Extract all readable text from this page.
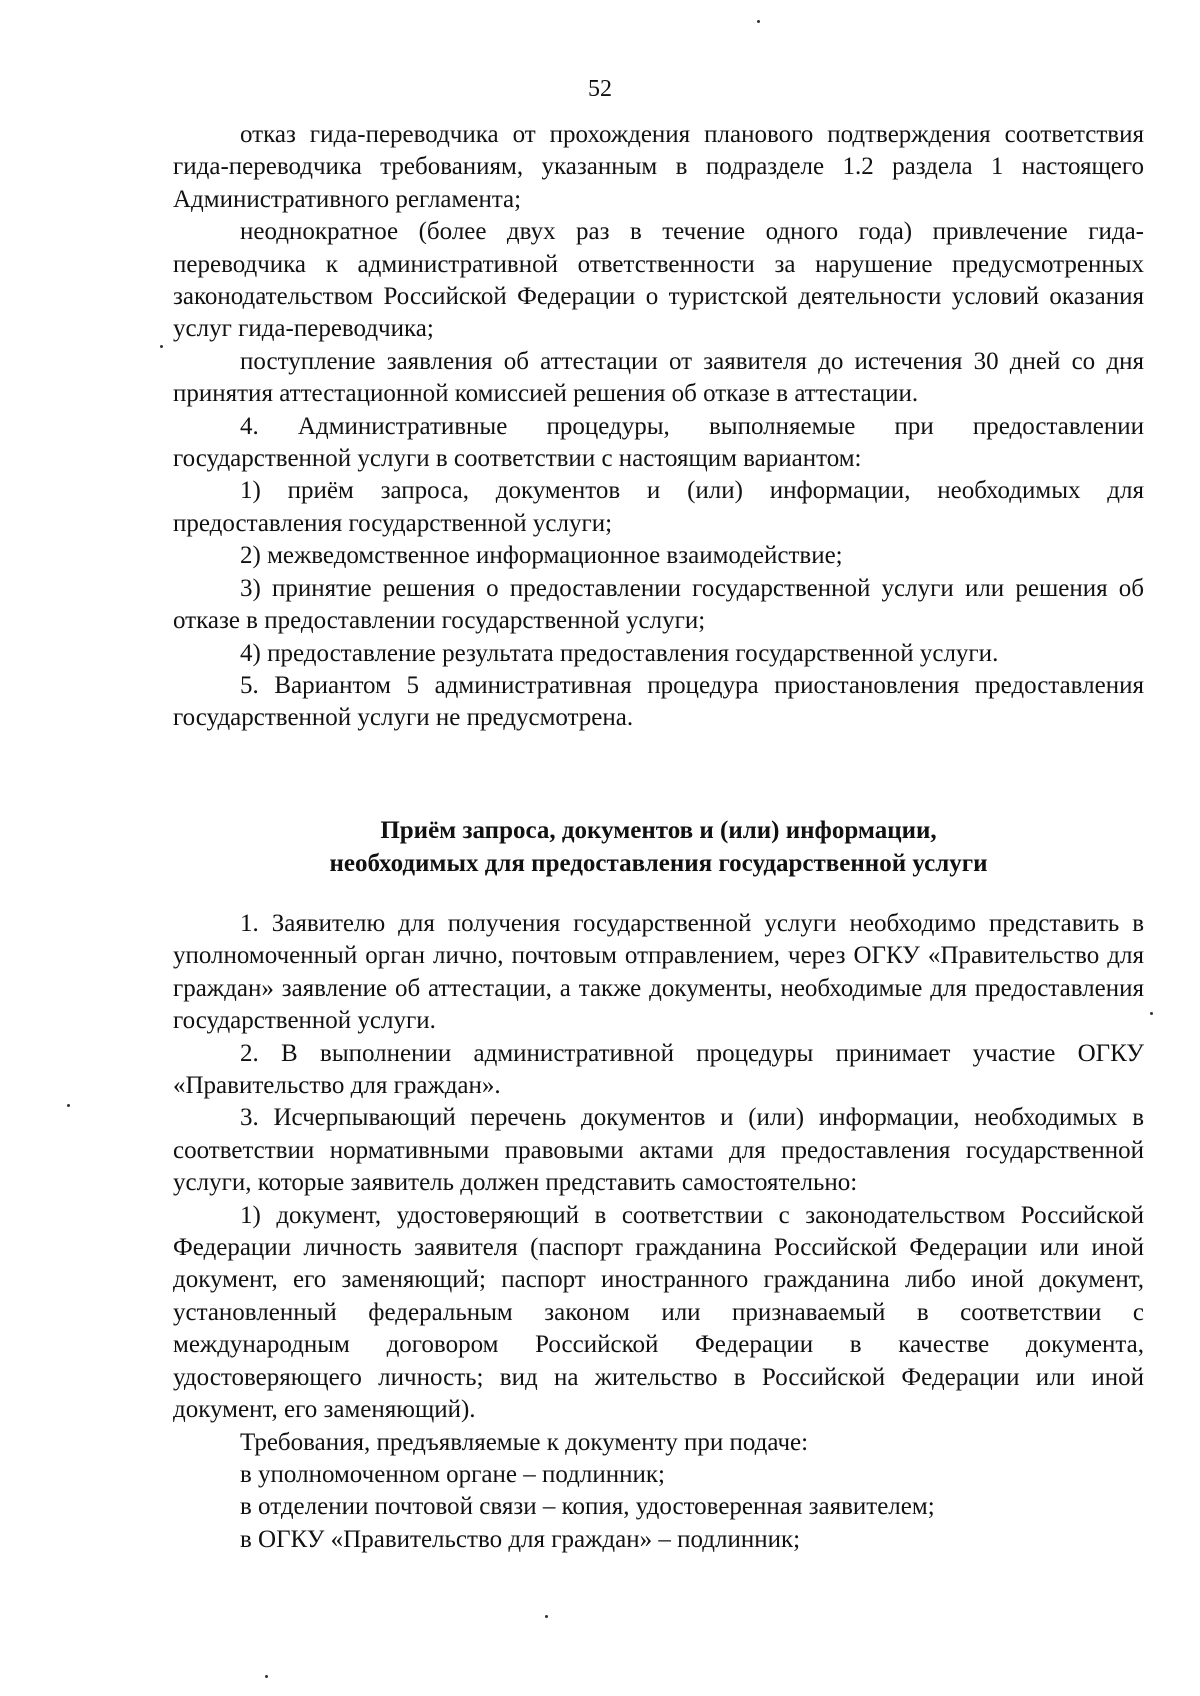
52

отказ гида-переводчика от прохождения планового подтверждения соответствия гида-переводчика требованиям, указанным в подразделе 1.2 раздела 1 настоящего Административного регламента;

неоднократное (более двух раз в течение одного года) привлечение гида-переводчика к административной ответственности за нарушение предусмотренных законодательством Российской Федерации о туристской деятельности условий оказания услуг гида-переводчика;

поступление заявления об аттестации от заявителя до истечения 30 дней со дня принятия аттестационной комиссией решения об отказе в аттестации.

4. Административные процедуры, выполняемые при предоставлении государственной услуги в соответствии с настоящим вариантом:

1) приём запроса, документов и (или) информации, необходимых для предоставления государственной услуги;

2) межведомственное информационное взаимодействие;

3) принятие решения о предоставлении государственной услуги или решения об отказе в предоставлении государственной услуги;

4) предоставление результата предоставления государственной услуги.

5. Вариантом 5 административная процедура приостановления предоставления государственной услуги не предусмотрена.

Приём запроса, документов и (или) информации,
необходимых для предоставления государственной услуги

1. Заявителю для получения государственной услуги необходимо представить в уполномоченный орган лично, почтовым отправлением, через ОГКУ «Правительство для граждан» заявление об аттестации, а также документы, необходимые для предоставления государственной услуги.

2. В выполнении административной процедуры принимает участие ОГКУ «Правительство для граждан».

3. Исчерпывающий перечень документов и (или) информации, необходимых в соответствии нормативными правовыми актами для предоставления государственной услуги, которые заявитель должен представить самостоятельно:

1) документ, удостоверяющий в соответствии с законодательством Российской Федерации личность заявителя (паспорт гражданина Российской Федерации или иной документ, его заменяющий; паспорт иностранного гражданина либо иной документ, установленный федеральным законом или признаваемый в соответствии с международным договором Российской Федерации в качестве документа, удостоверяющего личность; вид на жительство в Российской Федерации или иной документ, его заменяющий).

Требования, предъявляемые к документу при подаче:

в уполномоченном органе – подлинник;

в отделении почтовой связи – копия, удостоверенная заявителем;

в ОГКУ «Правительство для граждан» – подлинник;
